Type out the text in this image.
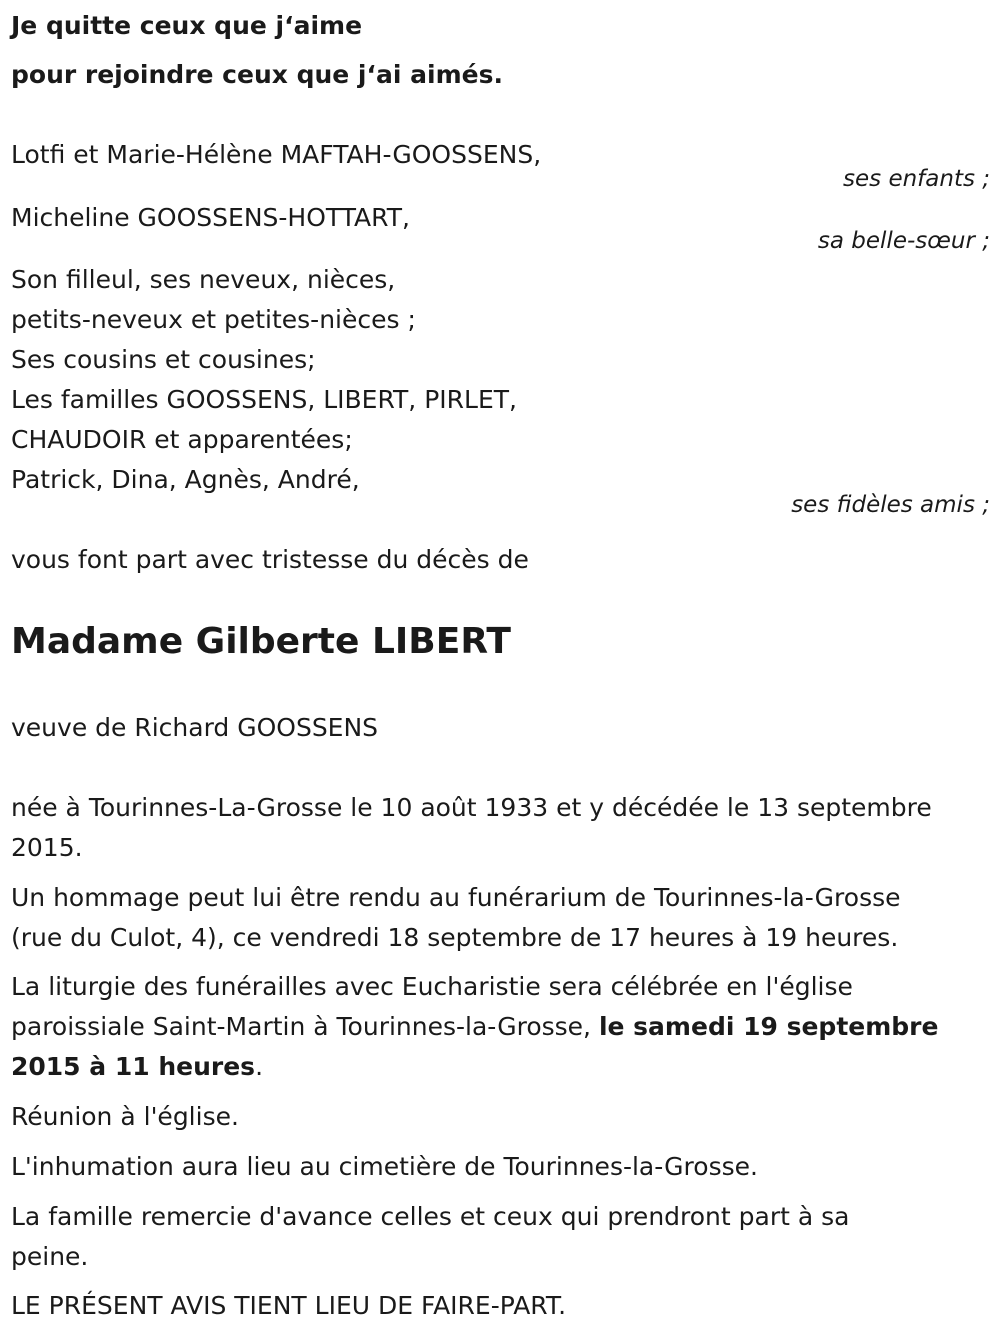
Je quitte ceux que j‘aime

pour rejoindre ceux que j‘ai aimés.

Lotfi et Marie-Hélène MAFTAH-GOOSSENS,

ses enfants ;

Micheline GOOSSENS-HOTTART,

sa belle-sœur ;

Son filleul, ses neveux, nièces,

petits-neveux et petites-nièces ;

Ses cousins et cousines;

Les familles GOOSSENS, LIBERT, PIRLET,

CHAUDOIR et apparentées;

Patrick, Dina, Agnès, André,

ses fidèles amis ;

vous font part avec tristesse du décès de

Madame Gilberte LIBERT

veuve de Richard GOOSSENS

née à Tourinnes-La-Grosse le 10 août 1933 et y décédée le 13 septembre

2015.

Un hommage peut lui être rendu au funérarium de Tourinnes-la-Grosse

(rue du Culot, 4), ce vendredi 18 septembre de 17 heures à 19 heures.

La liturgie des funérailles avec Eucharistie sera célébrée en l'église

paroissiale Saint-Martin à Tourinnes-la-Grosse, le samedi 19 septembre

2015 à 11 heures.

Réunion à l'église.

L'inhumation aura lieu au cimetière de Tourinnes-la-Grosse.

La famille remercie d'avance celles et ceux qui prendront part à sa

peine.

LE PRÉSENT AVIS TIENT LIEU DE FAIRE-PART.
